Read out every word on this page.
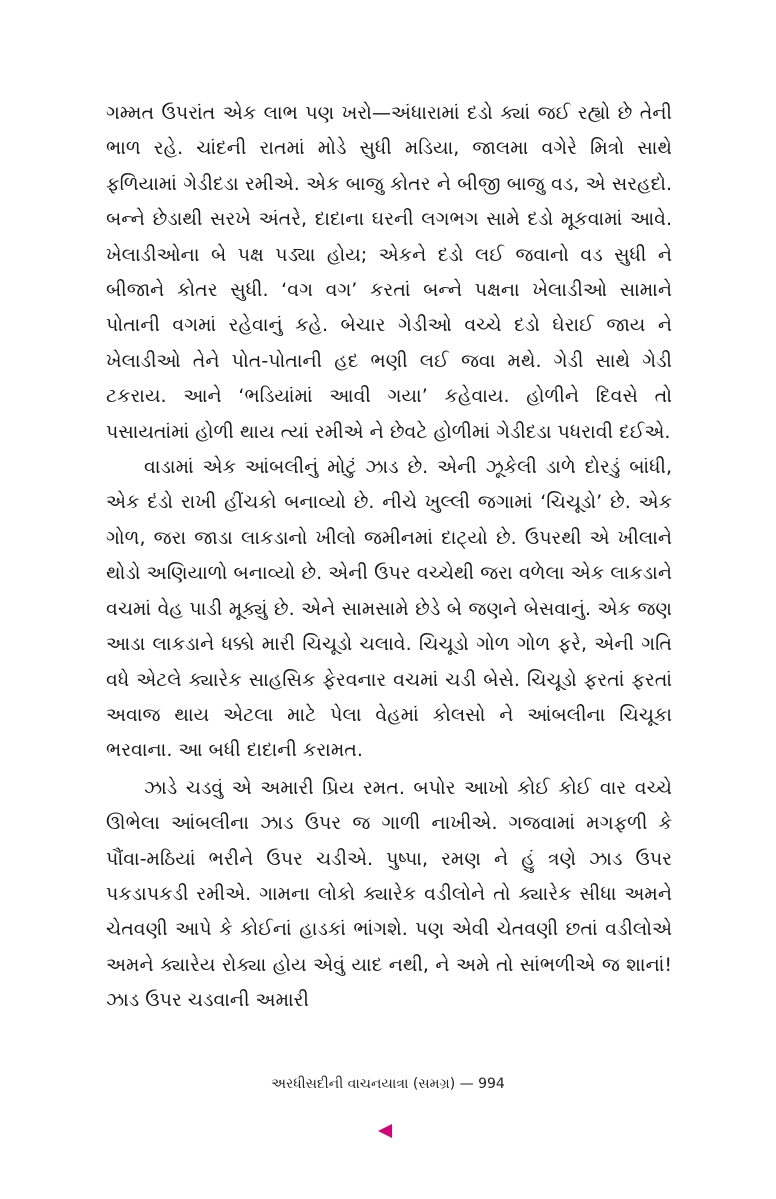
ગમ્મત ઉપરાંત એક લાભ પણ ખરો—અંધારામાં દડો ક્યાં જઈ રહ્યો છે તેની ભાળ રહે. ચાંદની રાતમાં મોડે સુધી મડિયા, જાલમા વગેરે મિત્રો સાથે ફળિયામાં ગેડીદડા રમીએ. એક બાજુ કોતર ને બીજી બાજુ વડ, એ સરહદો. બન્ને છેડાથી સરખે અંતરે, દાદાના ઘરની લગભગ સામે દડો મૂકવામાં આવે. ખેલાડીઓના બે પક્ષ પડ્યા હોય; એકને દડો લઈ જવાનો વડ સુધી ને બીજાને કોતર સુધી. ‘વગ વગ’ કરતાં બન્ને પક્ષના ખેલાડીઓ સામાને પોતાની વગમાં રહેવાનું કહે. બેચાર ગેડીઓ વચ્ચે દડો ઘેરાઈ જાય ને ખેલાડીઓ તેને પોત-પોતાની હદ ભણી લઈ જવા મથે. ગેડી સાથે ગેડી ટકરાય. આને ‘ભડિયાંમાં આવી ગયા’ કહેવાય. હોળીને દિવસે તો પસાયતાંમાં હોળી થાય ત્યાં રમીએ ને છેવટે હોળીમાં ગેડીદડા પધરાવી દઈએ.

વાડામાં એક આંબલીનું મોટું ઝાડ છે. એની ઝૂકેલી ડાળે દોરડું બાંધી, એક દંડો રાખી હીંચકો બનાવ્યો છે. નીચે ખુલ્લી જગામાં ‘ચિચૂડો’ છે. એક ગોળ, જરા જાડા લાકડાનો ખીલો જમીનમાં દાટ્યો છે. ઉપરથી એ ખીલાને થોડો અણિયાળો બનાવ્યો છે. એની ઉપર વચ્ચેથી જરા વળેલા એક લાકડાને વચમાં વેહ પાડી મૂક્યું છે. એને સામસામે છેડે બે જણને બેસવાનું. એક જણ આડા લાકડાને ધક્કો મારી ચિચૂડો ચલાવે. ચિચૂડો ગોળ ગોળ ફરે, એની ગતિ વધે એટલે ક્યારેક સાહસિક ફેરવનાર વચમાં ચડી બેસે. ચિચૂડો ફરતાં ફરતાં અવાજ થાય એટલા માટે પેલા વેહમાં કોલસો ને આંબલીના ચિચૂકા ભરવાના. આ બધી દાદાની કરામત.

ઝાડે ચડવું એ અમારી પ્રિય રમત. બપોર આખો કોઈ કોઈ વાર વચ્ચે ઊભેલા આંબલીના ઝાડ ઉપર જ ગાળી નાખીએ. ગજવામાં મગફળી કે પૌંવા-મઠિયાં ભરીને ઉપર ચડીએ. પુષ્પા, રમણ ને હું ત્રણે ઝાડ ઉપર પકડાપકડી રમીએ. ગામના લોકો ક્યારેક વડીલોને તો ક્યારેક સીધા અમને ચેતવણી આપે કે કોઈનાં હાડકાં ભાંગશે. પણ એવી ચેતવણી છતાં વડીલોએ અમને ક્યારેય રોક્યા હોય એવું યાદ નથી, ને અમે તો સાંભળીએ જ શાનાં! ઝાડ ઉપર ચડવાની અમારી

અરધીસદીની વાચનયાત્રા (સમગ્ર) — 994
